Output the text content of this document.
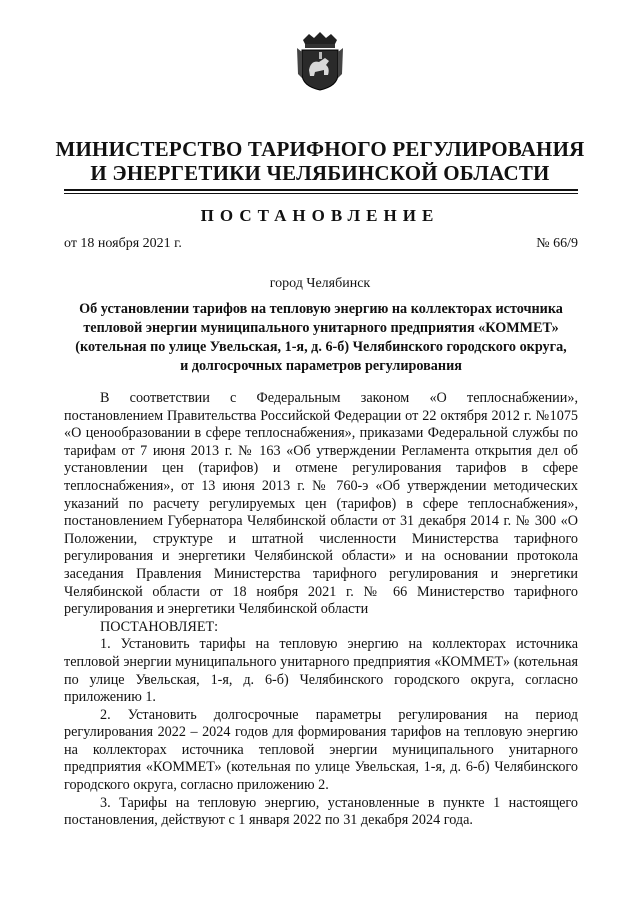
МИНИСТЕРСТВО ТАРИФНОГО РЕГУЛИРОВАНИЯ
И ЭНЕРГЕТИКИ ЧЕЛЯБИНСКОЙ ОБЛАСТИ
ПОСТАНОВЛЕНИЕ
от 18 ноября 2021 г.	№ 66/9
город Челябинск
Об установлении тарифов на тепловую энергию на коллекторах источника
тепловой энергии муниципального унитарного предприятия «КОММЕТ»
(котельная по улице Увельская, 1-я, д. 6-б) Челябинского городского округа,
и долгосрочных параметров регулирования

В соответствии с Федеральным законом «О теплоснабжении», постановлением Правительства Российской Федерации от 22 октября 2012 г. №1075 «О ценообразовании в сфере теплоснабжения», приказами Федеральной службы по тарифам от 7 июня 2013 г. № 163 «Об утверждении Регламента открытия дел об установлении цен (тарифов) и отмене регулирования тарифов в сфере теплоснабжения», от 13 июня 2013 г. № 760-э «Об утверждении методических указаний по расчету регулируемых цен (тарифов) в сфере теплоснабжения», постановлением Губернатора Челябинской области от 31 декабря 2014 г. № 300 «О Положении, структуре и штатной численности Министерства тарифного регулирования и энергетики Челябинской области» и на основании протокола заседания Правления Министерства тарифного регулирования и энергетики Челябинской области от 18 ноября 2021 г. № 66 Министерство тарифного регулирования и энергетики Челябинской области

ПОСТАНОВЛЯЕТ:

1. Установить тарифы на тепловую энергию на коллекторах источника тепловой энергии муниципального унитарного предприятия «КОММЕТ» (котельная по улице Увельская, 1-я, д. 6-б) Челябинского городского округа, согласно приложению 1.

2. Установить долгосрочные параметры регулирования на период регулирования 2022 – 2024 годов для формирования тарифов на тепловую энергию на коллекторах источника тепловой энергии муниципального унитарного предприятия «КОММЕТ» (котельная по улице Увельская, 1-я, д. 6-б) Челябинского городского округа, согласно приложению 2.

3. Тарифы на тепловую энергию, установленные в пункте 1 настоящего постановления, действуют с 1 января 2022 по 31 декабря 2024 года.
